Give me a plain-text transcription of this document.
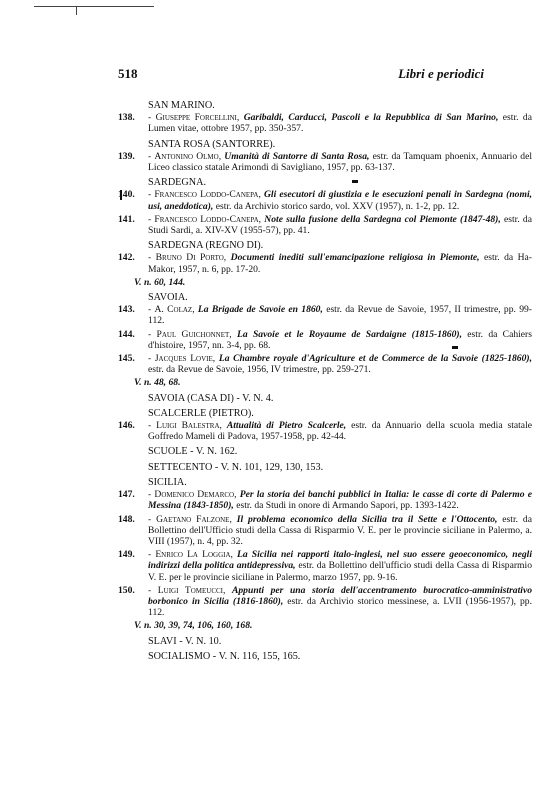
518	Libri e periodici
SAN MARINO.
138. - Giuseppe Forcellini, Garibaldi, Carducci, Pascoli e la Repubblica di San Marino, estr. da Lumen vitae, ottobre 1957, pp. 350-357.
SANTA ROSA (SANTORRE).
139. - Antonino Olmo, Umanità di Santorre di Santa Rosa, estr. da Tamquam phoenix, Annuario del Liceo classico statale Arimondi di Savigliano, 1957, pp. 63-137.
SARDEGNA.
140. - Francesco Loddo-Canepa, Gli esecutori di giustizia e le esecuzioni penali in Sardegna (nomi, usi, aneddotica), estr. da Archivio storico sardo, vol. XXV (1957), n. 1-2, pp. 12.
141. - Francesco Loddo-Canepa, Note sulla fusione della Sardegna col Piemonte (1847-48), estr. da Studi Sardi, a. XIV-XV (1955-57), pp. 41.
SARDEGNA (REGNO DI).
142. - Bruno Di Porto, Documenti inediti sull'emancipazione religiosa in Piemonte, estr. da Ha-Makor, 1957, n. 6, pp. 17-20.
V. n. 60, 144.
SAVOIA.
143. - A. Colaz, La Brigade de Savoie en 1860, estr. da Revue de Savoie, 1957, II trimestre, pp. 99-112.
144. - Paul Guichonnet, La Savoie et le Royaume de Sardaigne (1815-1860), estr. da Cahiers d'histoire, 1957, nn. 3-4, pp. 68.
145. - Jacques Lovie, La Chambre royale d'Agriculture et de Commerce de la Savoie (1825-1860), estr. da Revue de Savoie, 1956, IV trimestre, pp. 259-271.
V. n. 48, 68.
SAVOIA (CASA DI) - V. N. 4.
SCALCERLE (PIETRO).
146. - Luigi Balestra, Attualità di Pietro Scalcerle, estr. da Annuario della scuola media statale Goffredo Mameli di Padova, 1957-1958, pp. 42-44.
SCUOLE - V. N. 162.
SETTECENTO - V. N. 101, 129, 130, 153.
SICILIA.
147. - Domenico Demarco, Per la storia dei banchi pubblici in Italia: le casse di corte di Palermo e Messina (1843-1850), estr. da Studi in onore di Armando Sapori, pp. 1393-1422.
148. - Gaetano Falzone, Il problema economico della Sicilia tra il Sette e l'Ottocento, estr. da Bollettino dell'Ufficio studi della Cassa di Risparmio V. E. per le provincie siciliane in Palermo, a. VIII (1957), n. 4, pp. 32.
149. - Enrico La Loggia, La Sicilia nei rapporti italo-inglesi, nel suo essere geoeconomico, negli indirizzi della politica antidepressiva, estr. da Bollettino dell'ufficio studi della Cassa di Risparmio V. E. per le provincie siciliane in Palermo, marzo 1957, pp. 9-16.
150. - Luigi Tomeucci, Appunti per una storia dell'accentramento burocratico-amministrativo borbonico in Sicilia (1816-1860), estr. da Archivio storico messinese, a. LVII (1956-1957), pp. 112.
V. n. 30, 39, 74, 106, 160, 168.
SLAVI - V. N. 10.
SOCIALISMO - V. N. 116, 155, 165.
